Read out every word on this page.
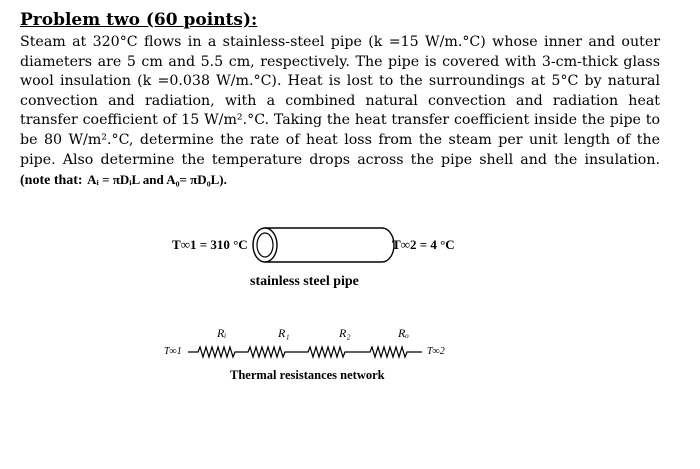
Problem two (60 points):

Steam at 320°C flows in a stainless-steel pipe (k =15 W/m.°C) whose inner and outer diameters are 5 cm and 5.5 cm, respectively. The pipe is covered with 3-cm-thick glass wool insulation (k =0.038 W/m.°C). Heat is lost to the surroundings at 5°C by natural convection and radiation, with a combined natural convection and radiation heat transfer coefficient of 15 W/m².°C. Taking the heat transfer coefficient inside the pipe to be 80 W/m².°C, determine the rate of heat loss from the steam per unit length of the pipe. Also determine the temperature drops across the pipe shell and the insulation. (note that: Aᵢ = πDᵢL and A₀= πD₀L).

T∞1 = 310 °C	T∞2 = 4 °C
stainless steel pipe
T∞1
Rᵢ	R₁	R₂	Rₒ
T∞2
Thermal resistances network
